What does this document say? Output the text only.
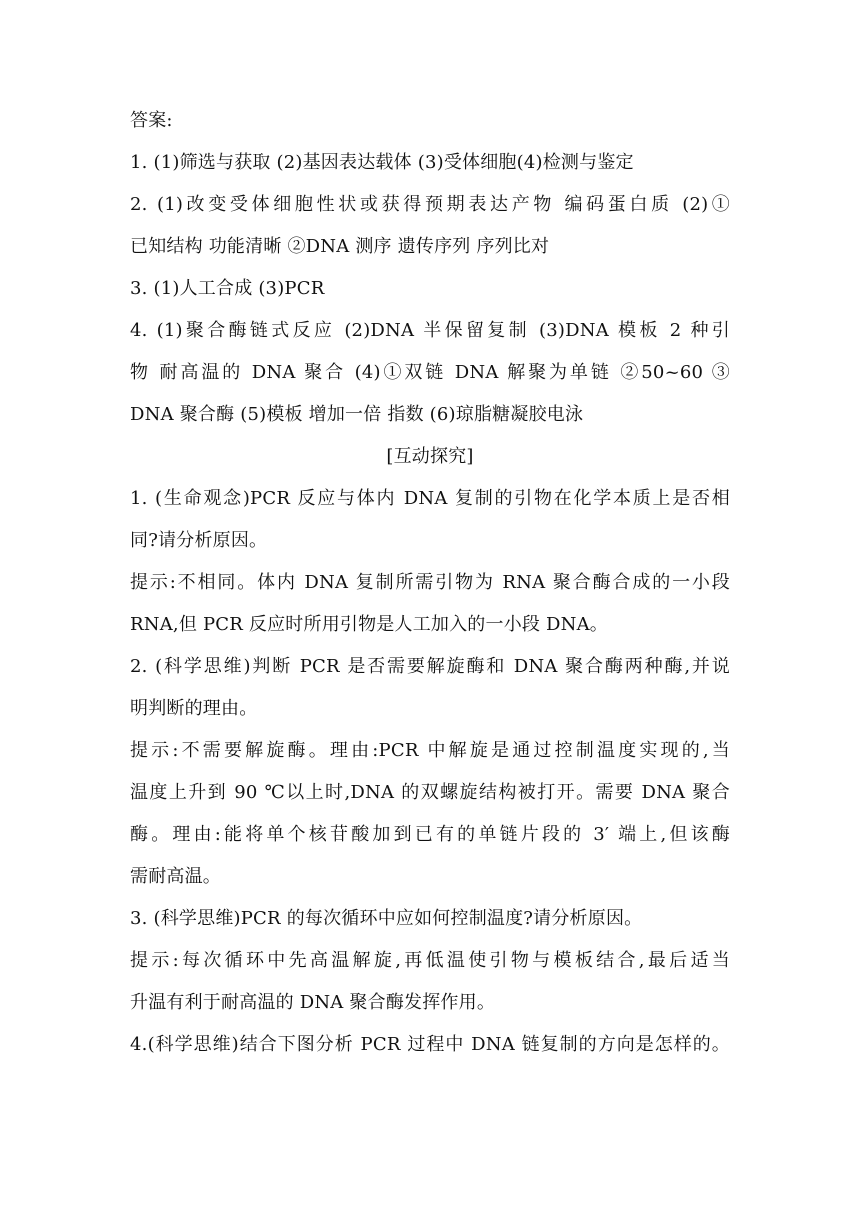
答案:
1. (1)筛选与获取 (2)基因表达载体 (3)受体细胞(4)检测与鉴定
2. (1)改变受体细胞性状或获得预期表达产物 编码蛋白质 (2)①
已知结构 功能清晰 ②DNA 测序 遗传序列 序列比对
3. (1)人工合成 (3)PCR
4. (1)聚合酶链式反应 (2)DNA 半保留复制 (3)DNA 模板 2 种引
物 耐高温的 DNA 聚合 (4)①双链 DNA 解聚为单链 ②50~60 ③
DNA 聚合酶 (5)模板 增加一倍 指数 (6)琼脂糖凝胶电泳
[互动探究]
1. (生命观念)PCR 反应与体内 DNA 复制的引物在化学本质上是否相
同?请分析原因。
提示:不相同。体内 DNA 复制所需引物为 RNA 聚合酶合成的一小段
RNA,但 PCR 反应时所用引物是人工加入的一小段 DNA。
2. (科学思维)判断 PCR 是否需要解旋酶和 DNA 聚合酶两种酶,并说
明判断的理由。
提示:不需要解旋酶。理由:PCR 中解旋是通过控制温度实现的,当
温度上升到 90 ℃以上时,DNA 的双螺旋结构被打开。需要 DNA 聚合
酶。理由:能将单个核苷酸加到已有的单链片段的 3′ 端上,但该酶
需耐高温。
3. (科学思维)PCR 的每次循环中应如何控制温度?请分析原因。
提示:每次循环中先高温解旋,再低温使引物与模板结合,最后适当
升温有利于耐高温的 DNA 聚合酶发挥作用。
4.(科学思维)结合下图分析 PCR 过程中 DNA 链复制的方向是怎样的。
